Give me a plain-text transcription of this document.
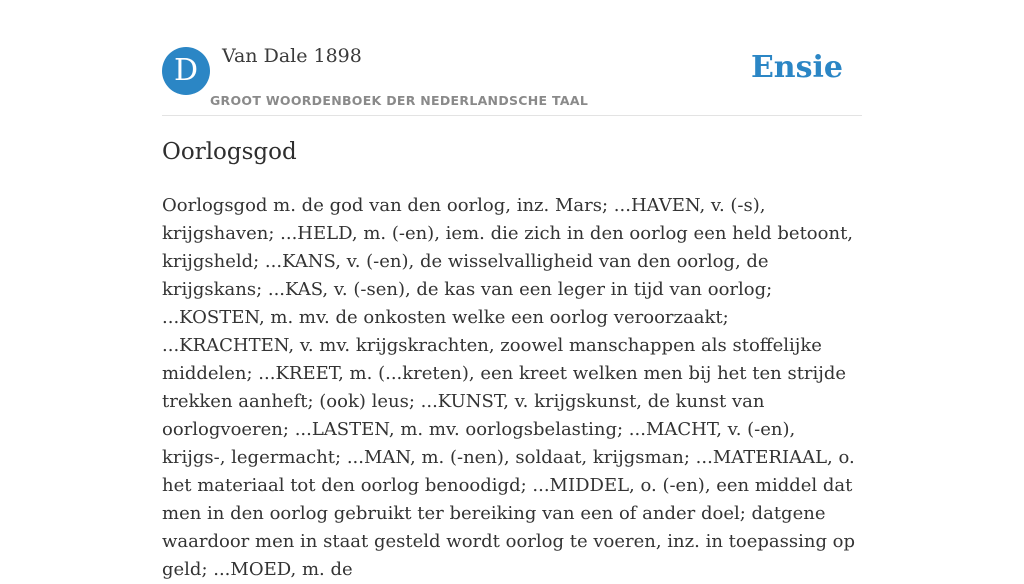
D	Van Dale 1898
GROOT WOORDENBOEK DER NEDERLANDSCHE TAAL
Ensie
Oorlogsgod

Oorlogsgod m. de god van den oorlog, inz. Mars; ...HAVEN, v. (-s), krijgshaven; ...HELD, m. (-en), iem. die zich in den oorlog een held betoont, krijgsheld; ...KANS, v. (-en), de wisselvalligheid van den oorlog, de krijgskans; ...KAS, v. (-sen), de kas van een leger in tijd van oorlog; ...KOSTEN, m. mv. de onkosten welke een oorlog veroorzaakt; ...KRACHTEN, v. mv. krijgskrachten, zoowel manschappen als stoffelijke middelen; ...KREET, m. (...kreten), een kreet welken men bij het ten strijde trekken aanheft; (ook) leus; ...KUNST, v. krijgskunst, de kunst van oorlogvoeren; ...LASTEN, m. mv. oorlogsbelasting; ...MACHT, v. (-en), krijgs-, legermacht; ...MAN, m. (-nen), soldaat, krijgsman; ...MATERIAAL, o. het materiaal tot den oorlog benoodigd; ...MIDDEL, o. (-en), een middel dat men in den oorlog gebruikt ter bereiking van een of ander doel; datgene waardoor men in staat gesteld wordt oorlog te voeren, inz. in toepassing op geld; ...MOED, m. de
